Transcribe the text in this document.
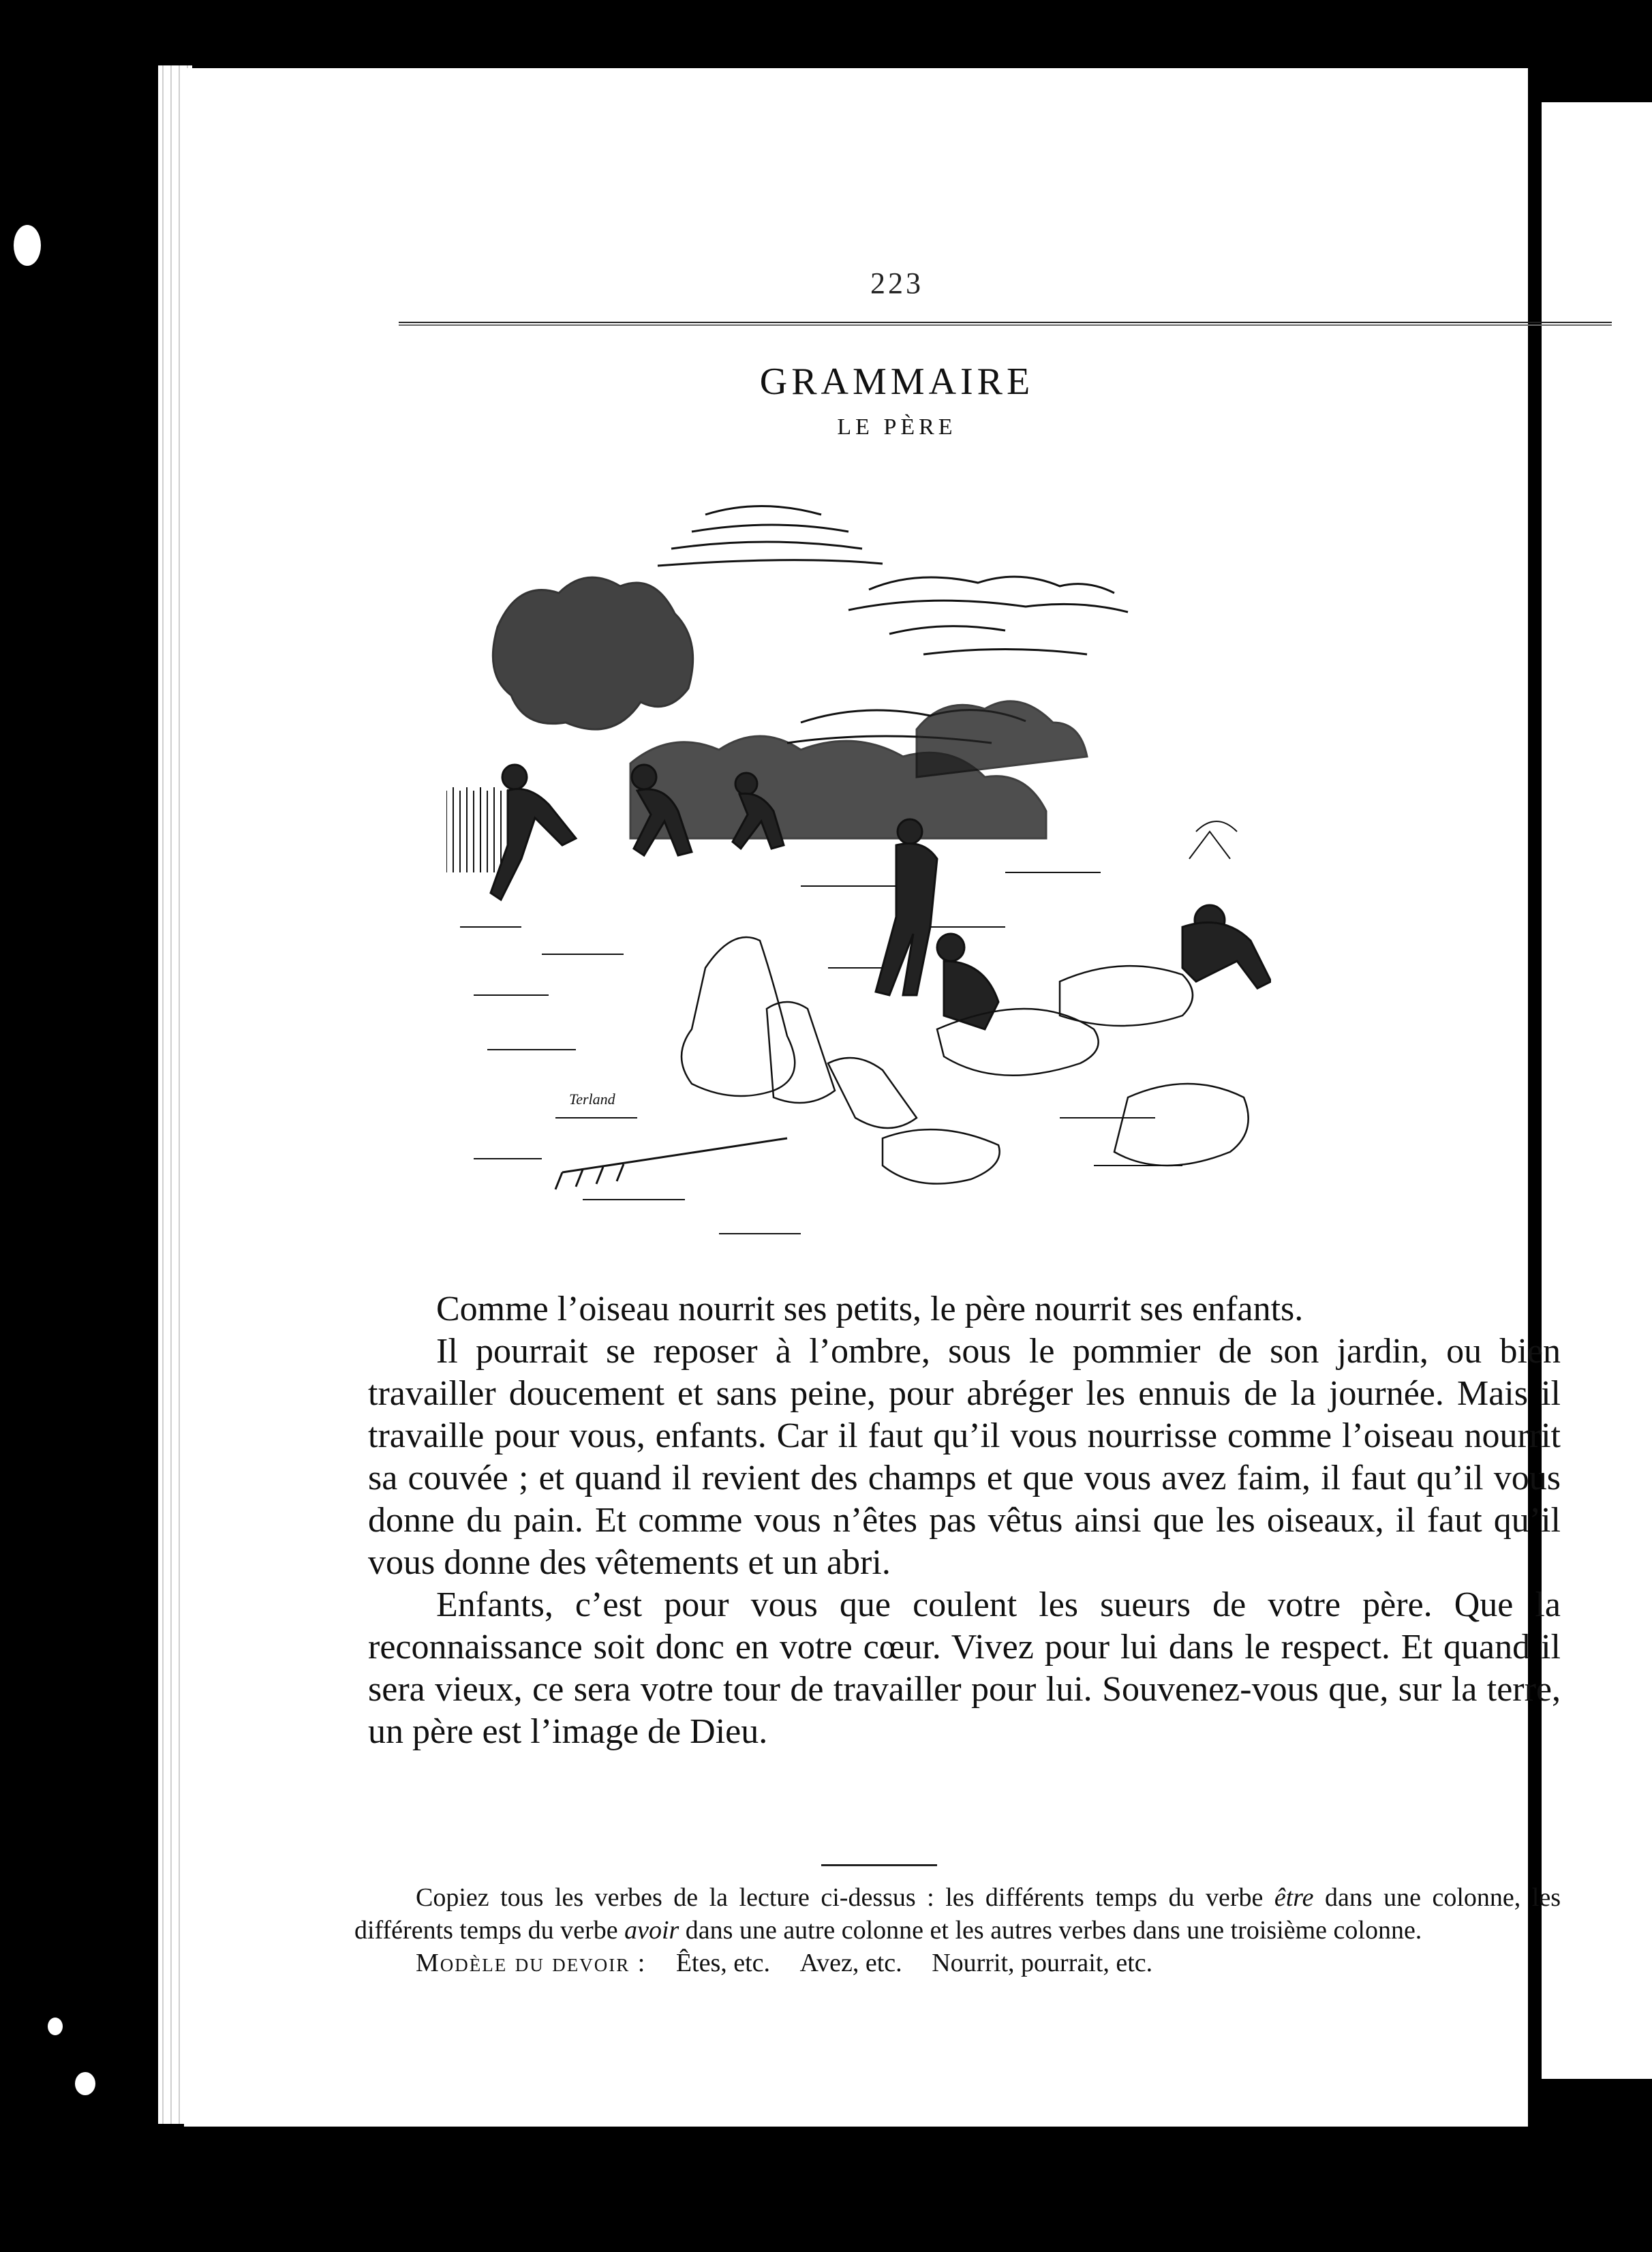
223
GRAMMAIRE
LE PÈRE
Terland

Comme l’oiseau nourrit ses petits, le père nourrit ses enfants.

Il pourrait se reposer à l’ombre, sous le pommier de son jardin, ou bien travailler doucement et sans peine, pour abréger les ennuis de la journée. Mais il travaille pour vous, enfants. Car il faut qu’il vous nourrisse comme l’oiseau nourrit sa couvée ; et quand il revient des champs et que vous avez faim, il faut qu’il vous donne du pain. Et comme vous n’êtes pas vêtus ainsi que les oiseaux, il faut qu’il vous donne des vêtements et un abri.

Enfants, c’est pour vous que coulent les sueurs de votre père. Que la reconnaissance soit donc en votre cœur. Vivez pour lui dans le respect. Et quand il sera vieux, ce sera votre tour de travailler pour lui. Souvenez-vous que, sur la terre, un père est l’image de Dieu.

Copiez tous les verbes de la lecture ci-dessus : les différents temps du verbe être dans une colonne, les différents temps du verbe avoir dans une autre colonne et les autres verbes dans une troisième colonne.

Modèle du devoir : Êtes, etc. Avez, etc. Nourrit, pourrait, etc.
